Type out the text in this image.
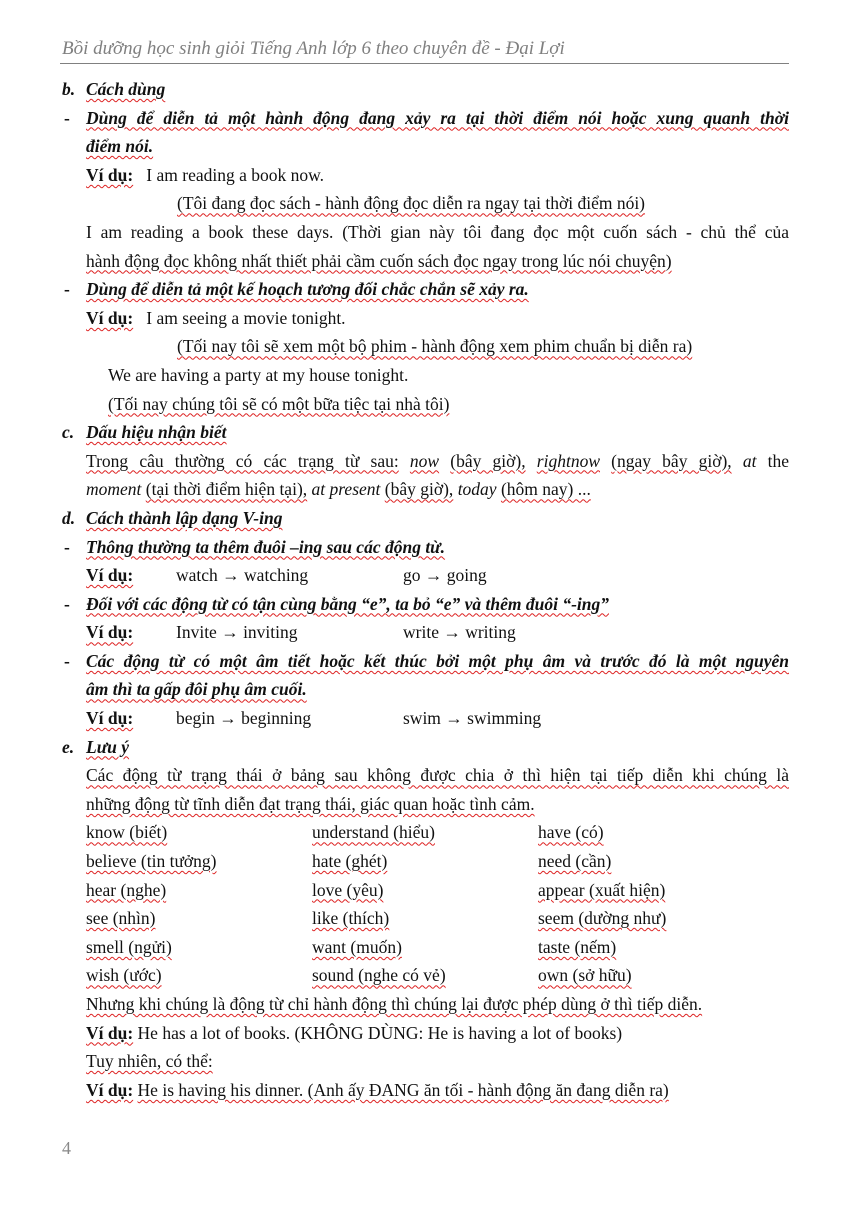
Bồi dưỡng học sinh giỏi Tiếng Anh lớp 6 theo chuyên đề - Đại Lợi
b. Cách dùng
- Dùng để diễn tả một hành động đang xảy ra tại thời điểm nói hoặc xung quanh thời
điểm nói.
Ví dụ: I am reading a book now.
(Tôi đang đọc sách - hành động đọc diễn ra ngay tại thời điểm nói)
I am reading a book these days. (Thời gian này tôi đang đọc một cuốn sách - chủ thể của
hành động đọc không nhất thiết phải cầm cuốn sách đọc ngay trong lúc nói chuyện)
- Dùng để diễn tả một kế hoạch tương đối chắc chắn sẽ xảy ra.
Ví dụ: I am seeing a movie tonight.
(Tối nay tôi sẽ xem một bộ phim - hành động xem phim chuẩn bị diễn ra)
We are having a party at my house tonight.
(Tối nay chúng tôi sẽ có một bữa tiệc tại nhà tôi)
c. Dấu hiệu nhận biết
Trong câu thường có các trạng từ sau: now (bây giờ), rightnow (ngay bây giờ), at the
moment (tại thời điểm hiện tại), at present (bây giờ), today (hôm nay) ...
d. Cách thành lập dạng V-ing
- Thông thường ta thêm đuôi –ing sau các động từ.
Ví dụ: watch → watching	go → going
- Đối với các động từ có tận cùng bằng “e”, ta bỏ “e” và thêm đuôi “-ing”
Ví dụ: Invite → inviting	write → writing
- Các động từ có một âm tiết hoặc kết thúc bởi một phụ âm và trước đó là một nguyên
âm thì ta gấp đôi phụ âm cuối.
Ví dụ: begin → beginning	swim → swimming
e. Lưu ý
Các động từ trạng thái ở bảng sau không được chia ở thì hiện tại tiếp diễn khi chúng là
những động từ tĩnh diễn đạt trạng thái, giác quan hoặc tình cảm.
know (biết)	understand (hiểu)	have (có)
believe (tin tưởng)	hate (ghét)	need (cần)
hear (nghe)	love (yêu)	appear (xuất hiện)
see (nhìn)	like (thích)	seem (dường như)
smell (ngửi)	want (muốn)	taste (nếm)
wish (ước)	sound (nghe có vẻ)	own (sở hữu)
Nhưng khi chúng là động từ chỉ hành động thì chúng lại được phép dùng ở thì tiếp diễn.
Ví dụ: He has a lot of books. (KHÔNG DÙNG: He is having a lot of books)
Tuy nhiên, có thể:
Ví dụ: He is having his dinner. (Anh ấy ĐANG ăn tối - hành động ăn đang diễn ra)
4
